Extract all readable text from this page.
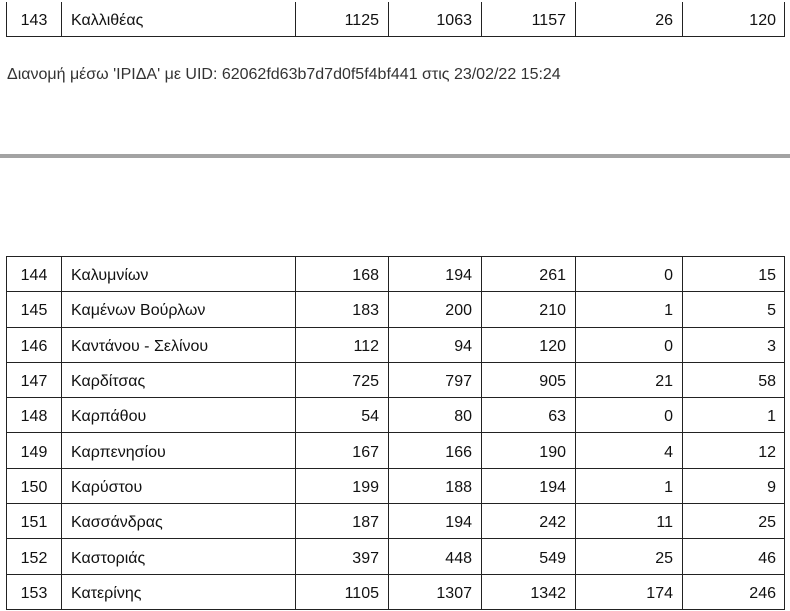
143	Καλλιθέας	1125	1063	1157	26	120
Διανομή μέσω 'ΙΡΙΔΑ' με UID: 62062fd63b7d7d0f5f4bf441 στις 23/02/22 15:24
144	Καλυμνίων	168	194	261	0	15
145	Καμένων Βούρλων	183	200	210	1	5
146	Καντάνου - Σελίνου	112	94	120	0	3
147	Καρδίτσας	725	797	905	21	58
148	Καρπάθου	54	80	63	0	1
149	Καρπενησίου	167	166	190	4	12
150	Καρύστου	199	188	194	1	9
151	Κασσάνδρας	187	194	242	11	25
152	Καστοριάς	397	448	549	25	46
153	Κατερίνης	1105	1307	1342	174	246
